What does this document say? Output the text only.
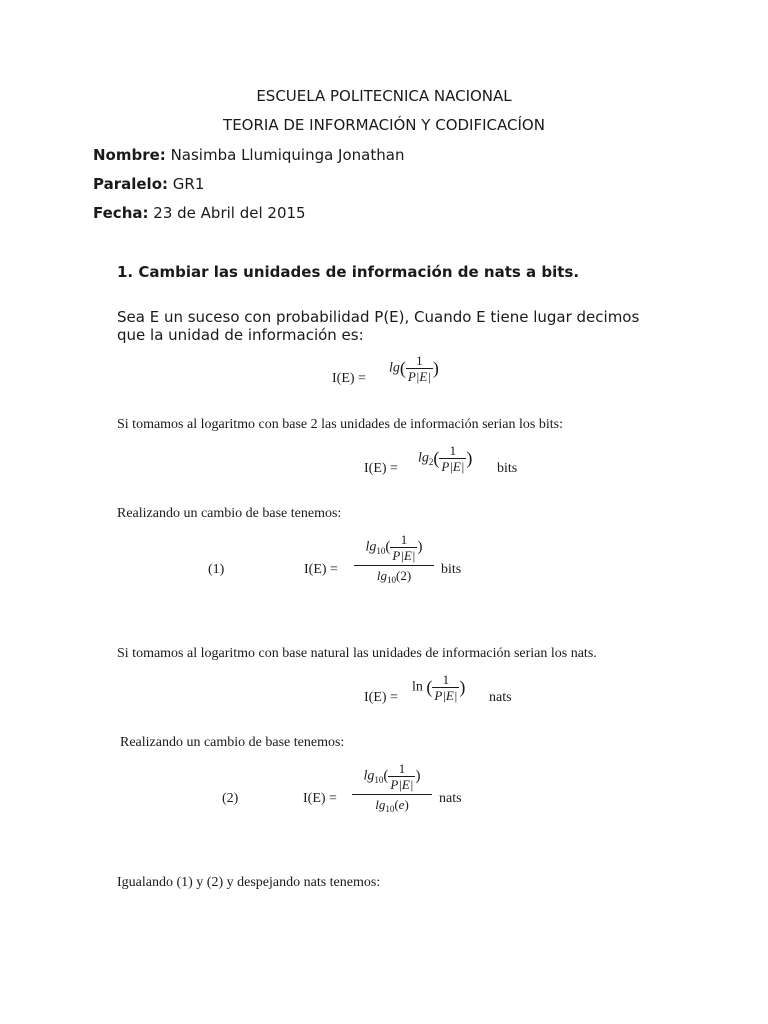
ESCUELA POLITECNICA NACIONAL
TEORIA DE INFORMACIÓN Y CODIFICACÍON
Nombre: Nasimba Llumiquinga Jonathan
Paralelo: GR1
Fecha: 23 de Abril del 2015
1. Cambiar las unidades de información de nats a bits.
Sea E un suceso con probabilidad P(E), Cuando E tiene lugar decimos
que la unidad de información es:
I(E) =
$\lg( \frac{1}{P|E|}$ )
Si tomamos al logaritmo con base 2 las unidades de información serian los bits:
I(E) =
$\lg_2( \frac{1}{P|E|}$ )
bits
Realizando un cambio de base tenemos:
(1)	$I(E) = \frac{\lg_{10}( \frac{1}{P|E|} )}{\lg_{10}(2)}$ bits
Si tomamos al logaritmo con base natural las unidades de información serian los nats.
I(E) =
ln ( $\frac{1}{P|E|}$ )
nats
Realizando un cambio de base tenemos:
(2)	$I(E) = \frac{\lg_{10}( \frac{1}{P|E|} )}{\lg_{10}(e)}$ nats
Igualando (1) y (2) y despejando nats tenemos:
